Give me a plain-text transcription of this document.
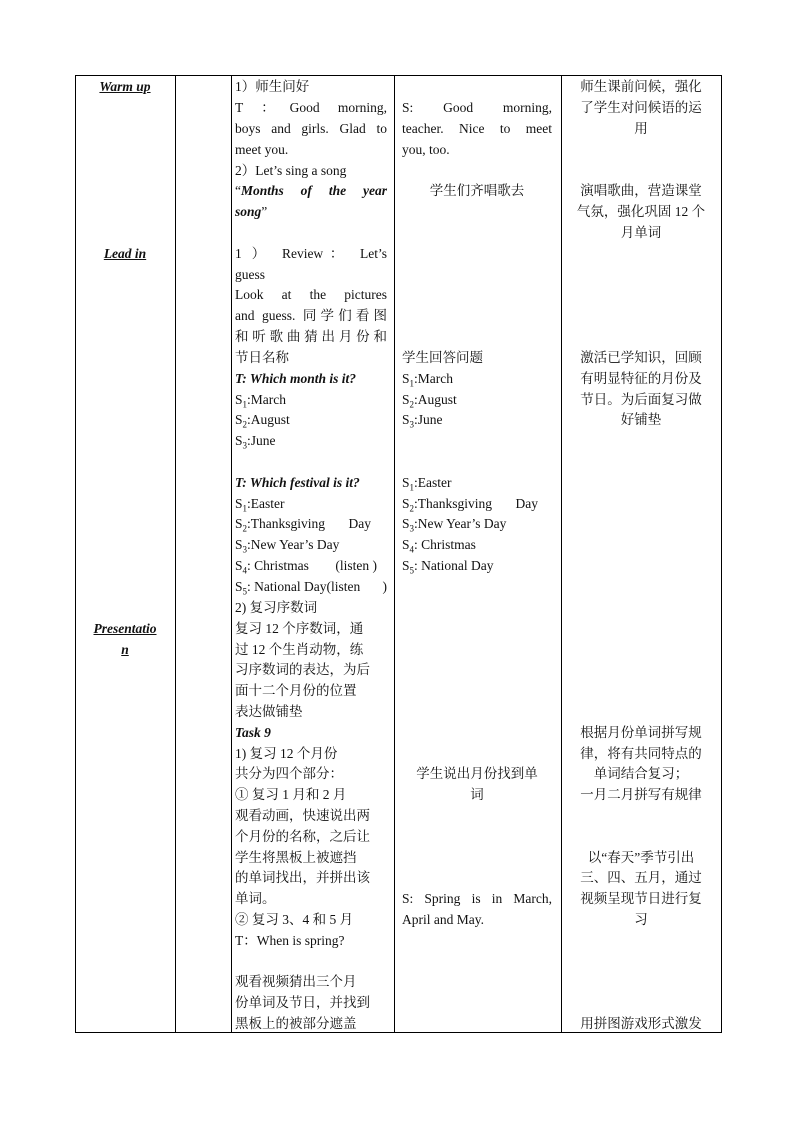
Warm up
Lead in
Presentatio
n
1）师生问好
T ：Good morning,
boys and girls. Glad to
meet you.
2）Let’s sing a song
“Months of the year
song”
1 ） Review： Let’s
guess
Look at the pictures
and guess. 同学们看图
和听歌曲猜出月份和
节日名称
T: Which month is it?
$S_1:March$
$S_2:August$
$S_3:June$
T: Which festival is it?
$S_1:Easter$
$S_2:Thanksgiving$ Day
$S_3:New$ Year’s Day
$S_4$: Christmas (listen )
$S_5$: National Day(listen )
2) 复习序数词
复习 12 个序数词，通
过 12 个生肖动物，练
习序数词的表达，为后
面十二个月份的位置
表达做铺垫
Task 9
1) 复习 12 个月份
共分为四个部分：
① 复习 1 月和 2 月
观看动画，快速说出两
个月份的名称，之后让
学生将黑板上被遮挡
的单词找出，并拼出该
单词。
② 复习 3、4 和 5 月
T：When is spring?
观看视频猜出三个月
份单词及节日，并找到
黑板上的被部分遮盖
S: Good morning,
teacher. Nice to meet
you, too.
学生们齐唱歌去
学生回答问题
$S_1:March$
$S_2:August$
$S_3:June$
$S_1:Easter$
$S_2:Thanksgiving$ Day
$S_3:New$ Year’s Day
$S_4$: Christmas
$S_5$: National Day
学生说出月份找到单
词
S: Spring is in March,
April and May.
师生课前问候，强化
了学生对问候语的运
用
演唱歌曲，营造课堂
气氛，强化巩固 12 个
月单词
激活已学知识，回顾
有明显特征的月份及
节日。为后面复习做
好铺垫
根据月份单词拼写规
律，将有共同特点的
单词结合复习；
一月二月拼写有规律
以“春天”季节引出
三、四、五月，通过
视频呈现节日进行复
习
用拼图游戏形式激发
